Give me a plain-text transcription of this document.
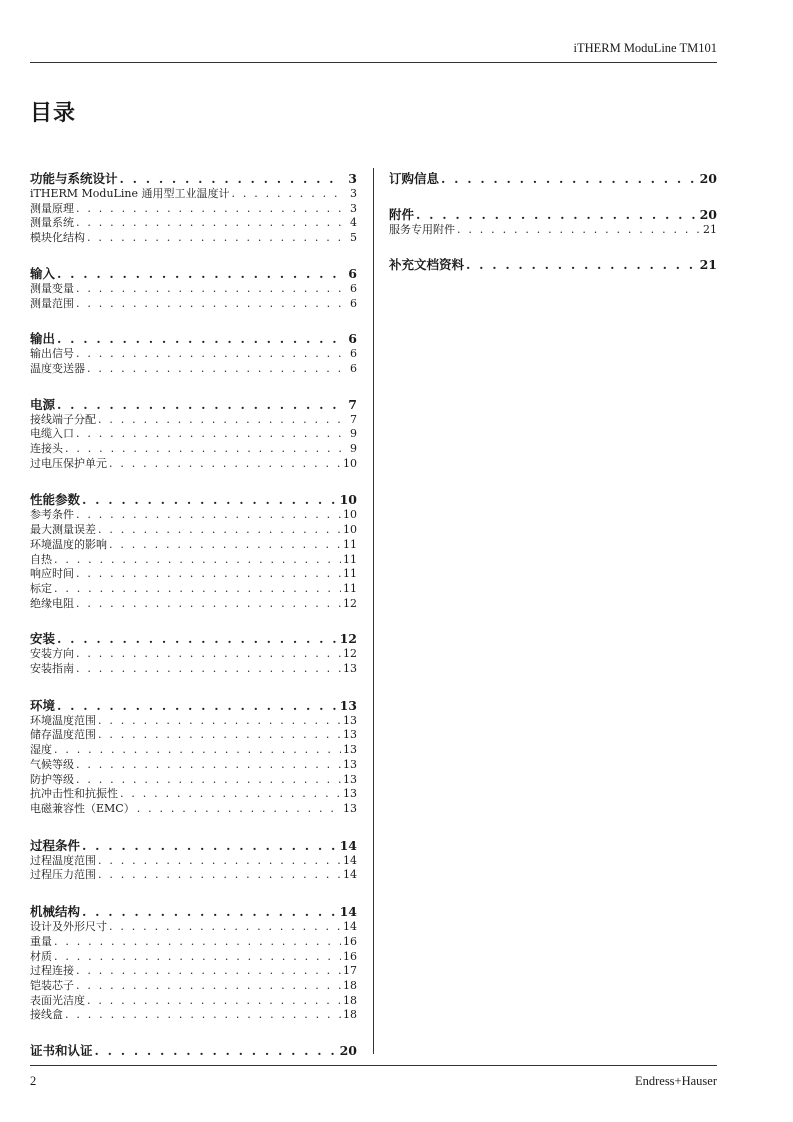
iTHERM ModuLine TM101
目录
功能与系统设计 . . .	3
iTHERM ModuLine 通用型工业温度计 . . .	3
测量原理 . . .	3
测量系统 . . .	4
模块化结构 . . .	5
输入 . . .	6
测量变量 . . .	6
测量范围 . . .	6
输出 . . .	6
输出信号 . . .	6
温度变送器 . . .	6
电源 . . .	7
接线端子分配 . . .	7
电缆入口 . . .	9
连接头 . . .	9
过电压保护单元 . . .	10
性能参数 . . .	10
参考条件 . . .	10
最大测量误差 . . .	10
环境温度的影响 . . .	11
自热 . . .	11
响应时间 . . .	11
标定 . . .	11
绝缘电阻 . . .	12
安装 . . .	12
安装方向 . . .	12
安装指南 . . .	13
环境 . . .	13
环境温度范围 . . .	13
储存温度范围 . . .	13
湿度 . . .	13
气候等级 . . .	13
防护等级 . . .	13
抗冲击性和抗振性 . . .	13
电磁兼容性（EMC） . . .	13
过程条件 . . .	14
过程温度范围 . . .	14
过程压力范围 . . .	14
机械结构 . . .	14
设计及外形尺寸 . . .	14
重量 . . .	16
材质 . . .	16
过程连接 . . .	17
铠装芯子 . . .	18
表面光洁度 . . .	18
接线盒 . . .	18
证书和认证 . . .	20
订购信息 . . .	20
附件 . . .	20
服务专用附件 . . .	21
补充文档资料 . . .	21
2	Endress+Hauser
